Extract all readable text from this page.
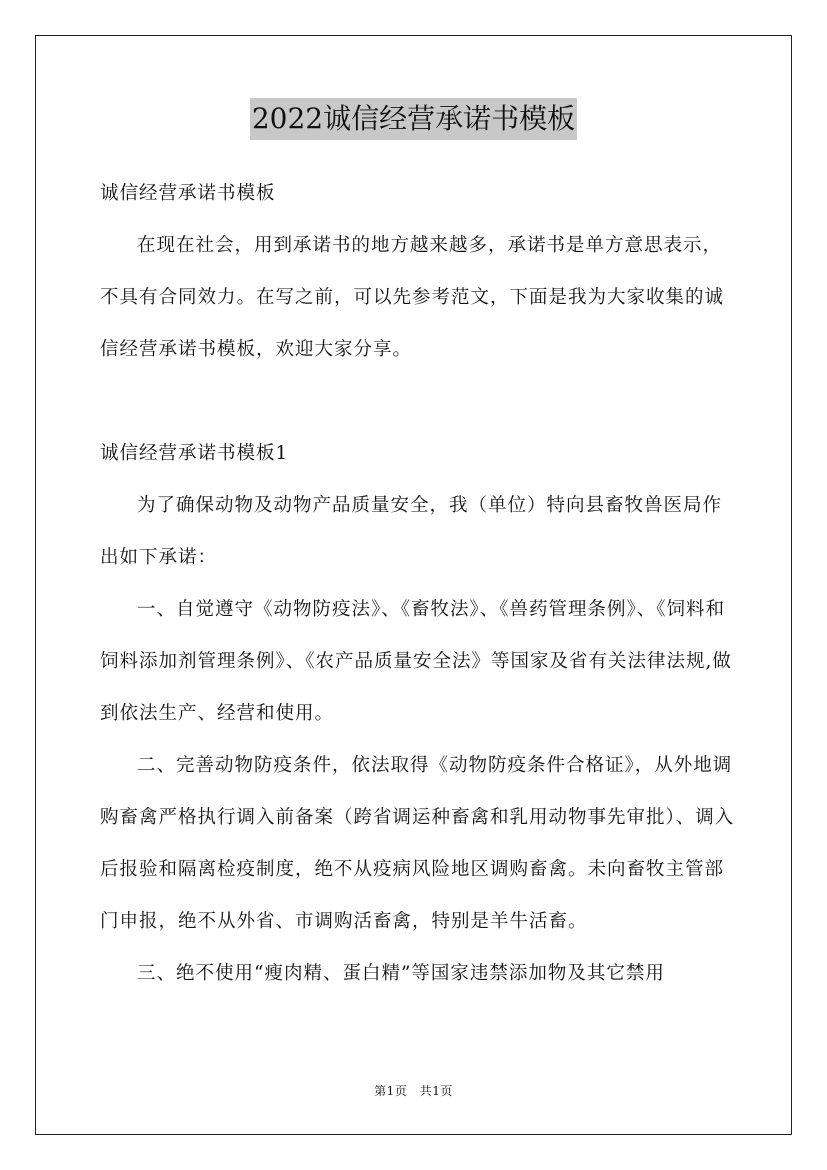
2022诚信经营承诺书模板

诚信经营承诺书模板

在现在社会，用到承诺书的地方越来越多，承诺书是单方意思表示，不具有合同效力。在写之前，可以先参考范文，下面是我为大家收集的诚信经营承诺书模板，欢迎大家分享。

诚信经营承诺书模板1

为了确保动物及动物产品质量安全，我（单位）特向县畜牧兽医局作出如下承诺：

一、自觉遵守《动物防疫法》、《畜牧法》、《兽药管理条例》、《饲料和饲料添加剂管理条例》、《农产品质量安全法》等国家及省有关法律法规,做到依法生产、经营和使用。

二、完善动物防疫条件，依法取得《动物防疫条件合格证》，从外地调购畜禽严格执行调入前备案（跨省调运种畜禽和乳用动物事先审批）、调入后报验和隔离检疫制度，绝不从疫病风险地区调购畜禽。未向畜牧主管部门申报，绝不从外省、市调购活畜禽，特别是羊牛活畜。

三、绝不使用“瘦肉精、蛋白精”等国家违禁添加物及其它禁用

第1页　共1页
